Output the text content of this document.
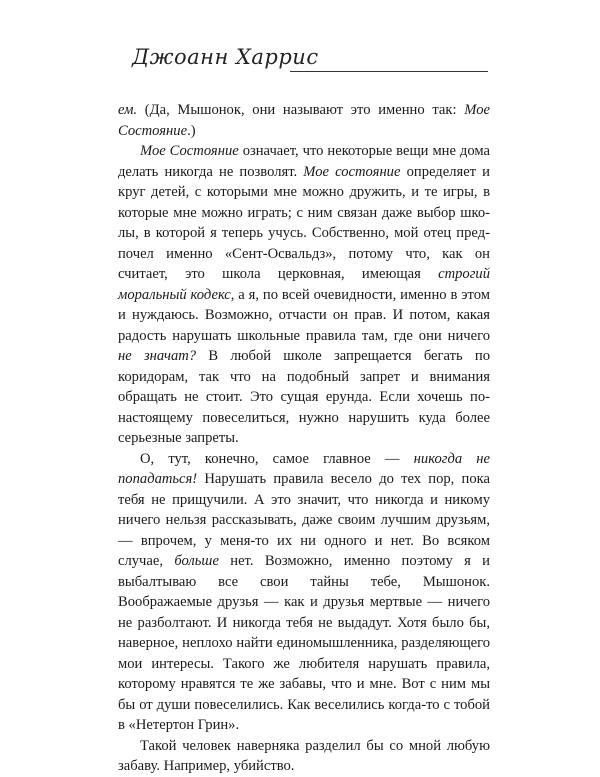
Джоанн Харрис

ем. (Да, Мышонок, они называют это именно так: Мое Состояние.)

Мое Состояние означает, что некоторые вещи мне дома делать никогда не позволят. Мое состояние определяет и круг детей, с которыми мне можно дружить, и те игры, в которые мне можно играть; с ним связан даже выбор школы, в которой я теперь учусь. Собственно, мой отец предпочел именно «Сент-Освальдз», потому что, как он считает, это школа церковная, имеющая строгий моральный кодекс, а я, по всей очевидности, именно в этом и нуждаюсь. Возможно, отчасти он прав. И потом, какая радость нарушать школьные правила там, где они ничего не значат? В любой школе запрещается бегать по коридорам, так что на подобный запрет и внимания обращать не стоит. Это сущая ерунда. Если хочешь по-настоящему повеселиться, нужно нарушить куда более серьезные запреты.

О, тут, конечно, самое главное — никогда не попадаться! Нарушать правила весело до тех пор, пока тебя не прищучили. А это значит, что никогда и никому ничего нельзя рассказывать, даже своим лучшим друзьям, — впрочем, у меня-то их ни одного и нет. Во всяком случае, больше нет. Возможно, именно поэтому я и выбалтываю все свои тайны тебе, Мышонок. Воображаемые друзья — как и друзья мертвые — ничего не разболтают. И никогда тебя не выдадут. Хотя было бы, наверное, неплохо найти единомышленника, разделяющего мои интересы. Такого же любителя нарушать правила, которому нравятся те же забавы, что и мне. Вот с ним мы бы от души повеселились. Как веселились когда-то с тобой в «Нетертон Грин».

Такой человек наверняка разделил бы со мной любую забаву. Например, убийство.
